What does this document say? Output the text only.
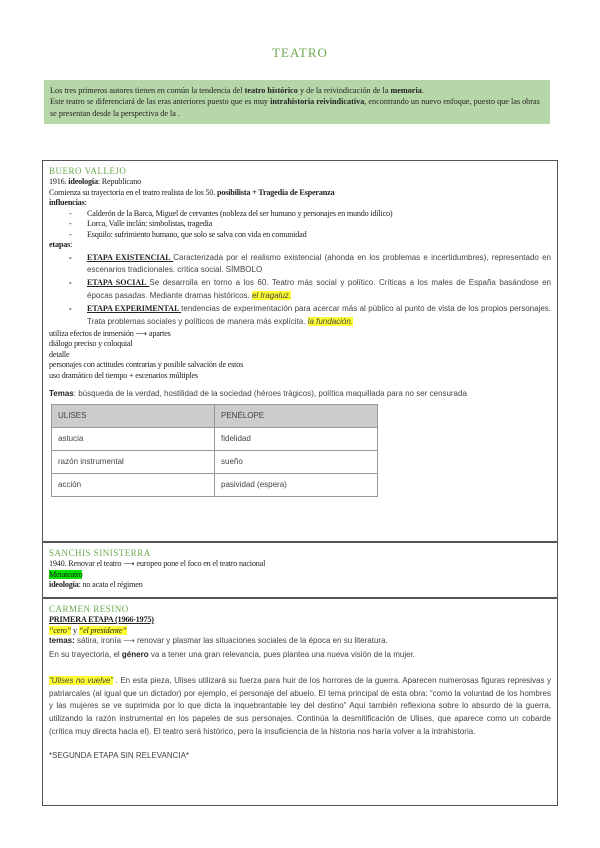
TEATRO
Los tres primeros autores tienen en común la tendencia del teatro histórico y de la reivindicación de la memoria.
Este teatro se diferenciará de las eras anteriores puesto que es muy intrahistoria reivindicativa, encontrando un nuevo enfoque, puesto que las obras se presentan desde la perspectiva de la .
BUERO VALLEJO
1916. ideología: Republicano
Comienza su trayectoria en el teatro realista de los 50. posibilista + Tragedia de Esperanza
influencias:
- Calderón de la Barca, Miguel de cervantes (nobleza del ser humano y personajes en mundo idílico)
- Lorca, Valle inclán: simbolistas, tragedia
- Esquilo: sufrimiento humano, que solo se salva con vida en comunidad
etapas:
- ETAPA EXISTENCIAL Caracterizada por el realismo existencial (ahonda en los problemas e incertidumbres), representado en escenarios tradicionales. crítica social. SÍMBOLO
- ETAPA SOCIAL Se desarrolla en torno a los 60. Teatro más social y político. Críticas a los males de España basándose en épocas pasadas. Mediante dramas históricos. el tragaluz.
- ETAPA EXPERIMENTAL tendencias de experimentación para acercar más al público al punto de vista de los propios personajes. Trata problemas sociales y políticos de manera más explícita. la fundación.
utiliza efectos de inmersión ⟶ apartes
diálogo preciso y coloquial
detalle
personajes con actitudes contrarias y posible salvación de estos
uso dramático del tiempo + escenarios múltiples
Temas: búsqueda de la verdad, hostilidad de la sociedad (héroes trágicos), política maquillada para no ser censurada
ULISES	PENÉLOPE
astucia	fidelidad
razón instrumental	sueño
acción	pasividad (espera)
SANCHIS SINISTERRA
1940. Renovar el teatro ⟶ europeo pone el foco en el teatro nacional
Metateatro
ideología: no acata el régimen
CARMEN RESINO
PRIMERA ETAPA (1966-1975)
“cero” y “el presidente”
temas: sátira, ironía ⟶ renovar y plasmar las situaciones sociales de la época en su literatura.
En su trayectoria, el género va a tener una gran relevancia, pues plantea una nueva visión de la mujer.
“Ulises no vuelve” . En esta pieza, Ulises utilizará su fuerza para huir de los horrores de la guerra. Aparecen numerosas figuras represivas y patriarcales (al igual que un dictador) por ejemplo, el personaje del abuelo. El tema principal de esta obra: “como la voluntad de los hombres y las mujeres se ve suprimida por lo que dicta la inquebrantable ley del destino” Aquí también reflexiona sobre lo absurdo de la guerra, utilizando la razón instrumental en los papeles de sus personajes. Continúa la desmitificación de Ulises, que aparece como un cobarde (crítica muy directa hacia el). El teatro será histórico, pero la insuficiencia de la historia nos haría volver a la intrahistoria.
*SEGUNDA ETAPA SIN RELEVANCIA*
